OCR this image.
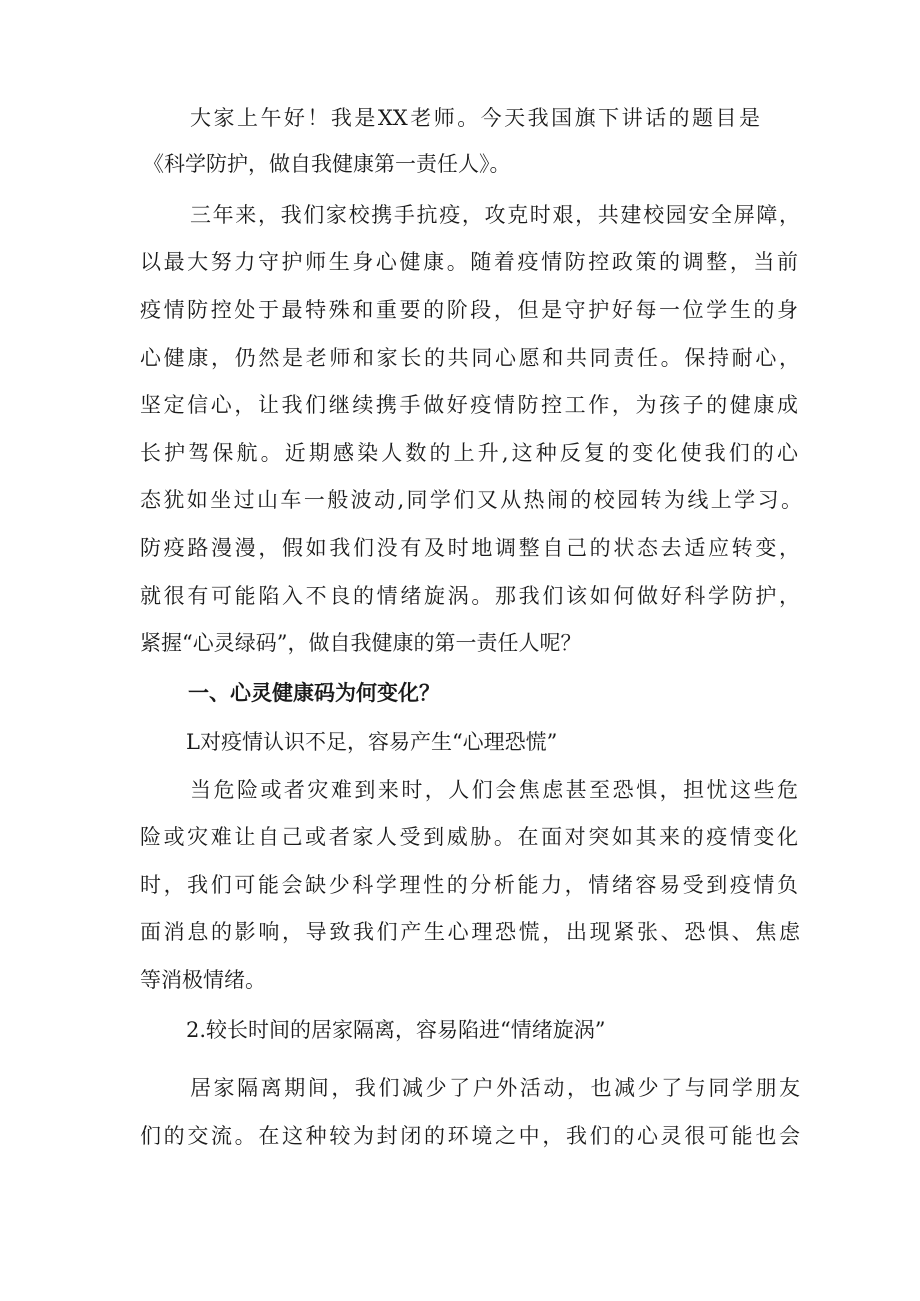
大家上午好！我是XX老师。今天我国旗下讲话的题目是
《科学防护，做自我健康第一责任人》。
三年来，我们家校携手抗疫，攻克时艰，共建校园安全屏障，
以最大努力守护师生身心健康。随着疫情防控政策的调整，当前
疫情防控处于最特殊和重要的阶段，但是守护好每一位学生的身
心健康，仍然是老师和家长的共同心愿和共同责任。保持耐心，
坚定信心，让我们继续携手做好疫情防控工作，为孩子的健康成
长护驾保航。近期感染人数的上升,这种反复的变化使我们的心
态犹如坐过山车一般波动,同学们又从热闹的校园转为线上学习。
防疫路漫漫，假如我们没有及时地调整自己的状态去适应转变，
就很有可能陷入不良的情绪旋涡。那我们该如何做好科学防护，
紧握“心灵绿码”，做自我健康的第一责任人呢？
一、心灵健康码为何变化？
L对疫情认识不足，容易产生“心理恐慌”
当危险或者灾难到来时，人们会焦虑甚至恐惧，担忧这些危
险或灾难让自己或者家人受到威胁。在面对突如其来的疫情变化
时，我们可能会缺少科学理性的分析能力，情绪容易受到疫情负
面消息的影响，导致我们产生心理恐慌，出现紧张、恐惧、焦虑
等消极情绪。
2.较长时间的居家隔离，容易陷进“情绪旋涡”
居家隔离期间，我们减少了户外活动，也减少了与同学朋友
们的交流。在这种较为封闭的环境之中，我们的心灵很可能也会
